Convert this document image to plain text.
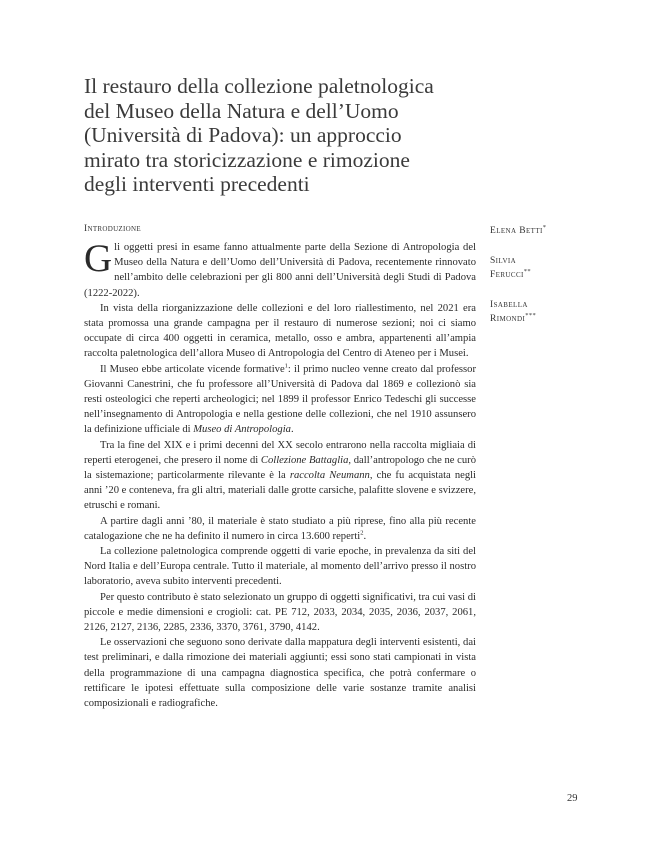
Il restauro della collezione paletnologica
del Museo della Natura e dell’Uomo
(Università di Padova): un approccio
mirato tra storicizzazione e rimozione
degli interventi precedenti
Introduzione

Gli oggetti presi in esame fanno attualmente parte della Sezione di Antropologia del Museo della Natura e dell’Uomo dell’Università di Padova, recentemente rinnovato nell’ambito delle celebrazioni per gli 800 anni dell’Università degli Studi di Padova (1222-2022).

In vista della riorganizzazione delle collezioni e del loro riallestimento, nel 2021 era stata promossa una grande campagna per il restauro di numerose sezioni; noi ci siamo occupate di circa 400 oggetti in ceramica, metallo, osso e ambra, appartenenti all’ampia raccolta paletnologica dell’allora Museo di Antropologia del Centro di Ateneo per i Musei.

Il Museo ebbe articolate vicende formative$^1$: il primo nucleo venne creato dal professor Giovanni Canestrini, che fu professore all’Università di Padova dal 1869 e collezionò sia resti osteologici che reperti archeologici; nel 1899 il professor Enrico Tedeschi gli successe nell’insegnamento di Antropologia e nella gestione delle collezioni, che nel 1910 assunsero la definizione ufficiale di Museo di Antropologia.

Tra la fine del XIX e i primi decenni del XX secolo entrarono nella raccolta migliaia di reperti eterogenei, che presero il nome di Collezione Battaglia, dall’antropologo che ne curò la sistemazione; particolarmente rilevante è la raccolta Neumann, che fu acquistata negli anni ’20 e conteneva, fra gli altri, materiali dalle grotte carsiche, palafitte slovene e svizzere, etruschi e romani.

A partire dagli anni ’80, il materiale è stato studiato a più riprese, fino alla più recente catalogazione che ne ha definito il numero in circa 13.600 reperti$^2$.

La collezione paletnologica comprende oggetti di varie epoche, in prevalenza da siti del Nord Italia e dell’Europa centrale. Tutto il materiale, al momento dell’arrivo presso il nostro laboratorio, aveva subito interventi precedenti.

Per questo contributo è stato selezionato un gruppo di oggetti significativi, tra cui vasi di piccole e medie dimensioni e crogioli: cat. PE 712, 2033, 2034, 2035, 2036, 2037, 2061, 2126, 2127, 2136, 2285, 2336, 3370, 3761, 3790, 4142.

Le osservazioni che seguono sono derivate dalla mappatura degli interventi esistenti, dai test preliminari, e dalla rimozione dei materiali aggiunti; essi sono stati campionati in vista della programmazione di una campagna diagnostica specifica, che potrà confermare o rettificare le ipotesi effettuate sulla composizione delle varie sostanze tramite analisi composizionali e radiografiche.

Elena Betti*
Silvia
Ferucci**
Isabella
Rimondi***
29
